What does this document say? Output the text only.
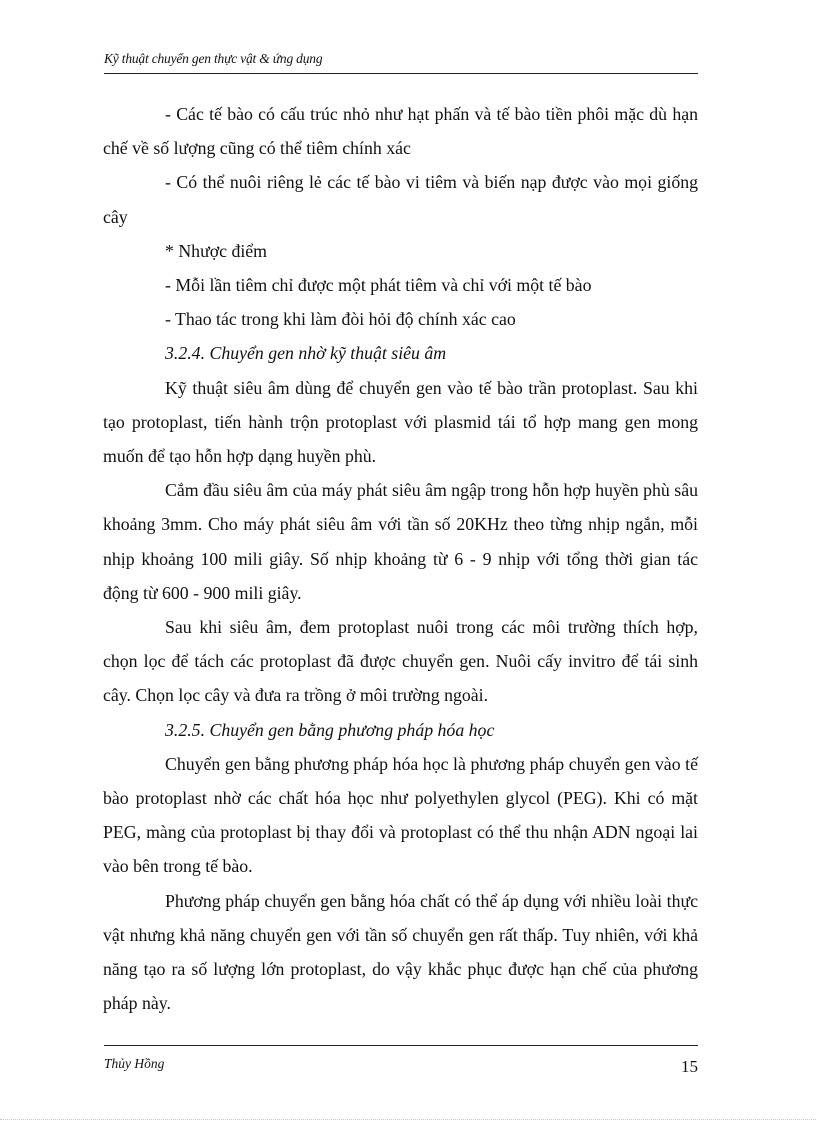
Kỹ thuật chuyển gen thực vật & ứng dụng

- Các tế bào có cấu trúc nhỏ như hạt phấn và tế bào tiền phôi mặc dù hạn chế về số lượng cũng có thể tiêm chính xác

- Có thể nuôi riêng lẻ các tế bào vi tiêm và biến nạp được vào mọi giống cây

* Nhược điểm

- Mỗi lần tiêm chỉ được một phát tiêm và chỉ với một tế bào

- Thao tác trong khi làm đòi hỏi độ chính xác cao

3.2.4. Chuyển gen nhờ kỹ thuật siêu âm

Kỹ thuật siêu âm dùng để chuyển gen vào tế bào trần protoplast. Sau khi tạo protoplast, tiến hành trộn protoplast với plasmid tái tổ hợp mang gen mong muốn để tạo hỗn hợp dạng huyền phù.

Cắm đầu siêu âm của máy phát siêu âm ngập trong hỗn hợp huyền phù sâu khoảng 3mm. Cho máy phát siêu âm với tần số 20KHz theo từng nhịp ngắn, mỗi nhịp khoảng 100 mili giây. Số nhịp khoảng từ 6 - 9 nhịp với tổng thời gian tác động từ 600 - 900 mili giây.

Sau khi siêu âm, đem protoplast nuôi trong các môi trường thích hợp, chọn lọc để tách các protoplast đã được chuyển gen. Nuôi cấy invitro để tái sinh cây. Chọn lọc cây và đưa ra trồng ở môi trường ngoài.

3.2.5. Chuyển gen bằng phương pháp hóa học

Chuyển gen bằng phương pháp hóa học là phương pháp chuyển gen vào tế bào protoplast nhờ các chất hóa học như polyethylen glycol (PEG). Khi có mặt PEG, màng của protoplast bị thay đổi và protoplast có thể thu nhận ADN ngoại lai vào bên trong tế bào.

Phương pháp chuyển gen bằng hóa chất có thể áp dụng với nhiều loài thực vật nhưng khả năng chuyển gen với tần số chuyển gen rất thấp. Tuy nhiên, với khả năng tạo ra số lượng lớn protoplast, do vậy khắc phục được hạn chế của phương pháp này.

Thủy Hồng	15
